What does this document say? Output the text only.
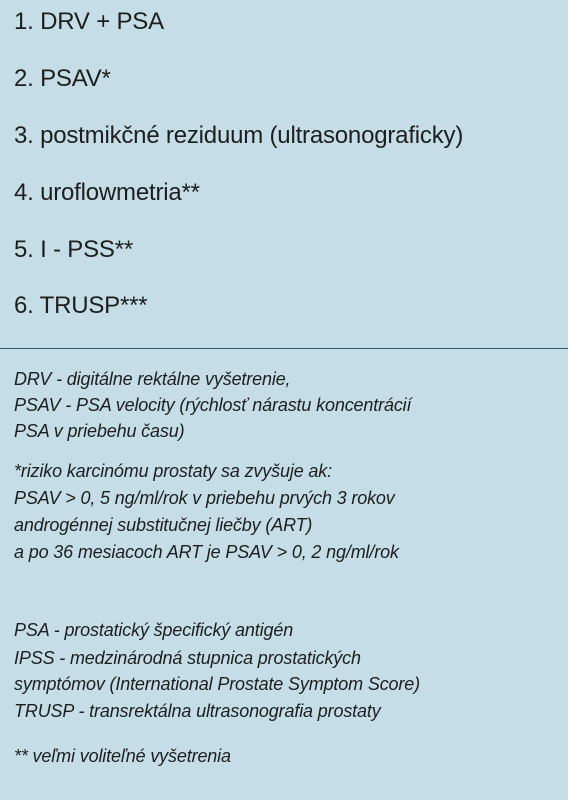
1. DRV + PSA
2. PSAV*
3. postmikčné reziduum (ultrasonograficky)
4. uroflowmetria**
5. I - PSS**
6. TRUSP***
DRV - digitálne rektálne vyšetrenie,
PSAV - PSA velocity (rýchlosť nárastu koncentrácií
PSA v priebehu času)
*riziko karcinómu prostaty sa zvyšuje ak:
PSAV > 0, 5 ng/ml/rok v priebehu prvých 3 rokov
androgénnej substitučnej liečby (ART)
a po 36 mesiacoch ART je PSAV > 0, 2 ng/ml/rok
PSA - prostatický špecifický antigén
IPSS - medzinárodná stupnica prostatických
symptómov (International Prostate Symptom Score)
TRUSP - transrektálna ultrasonografia prostaty
** veľmi voliteľné vyšetrenia
